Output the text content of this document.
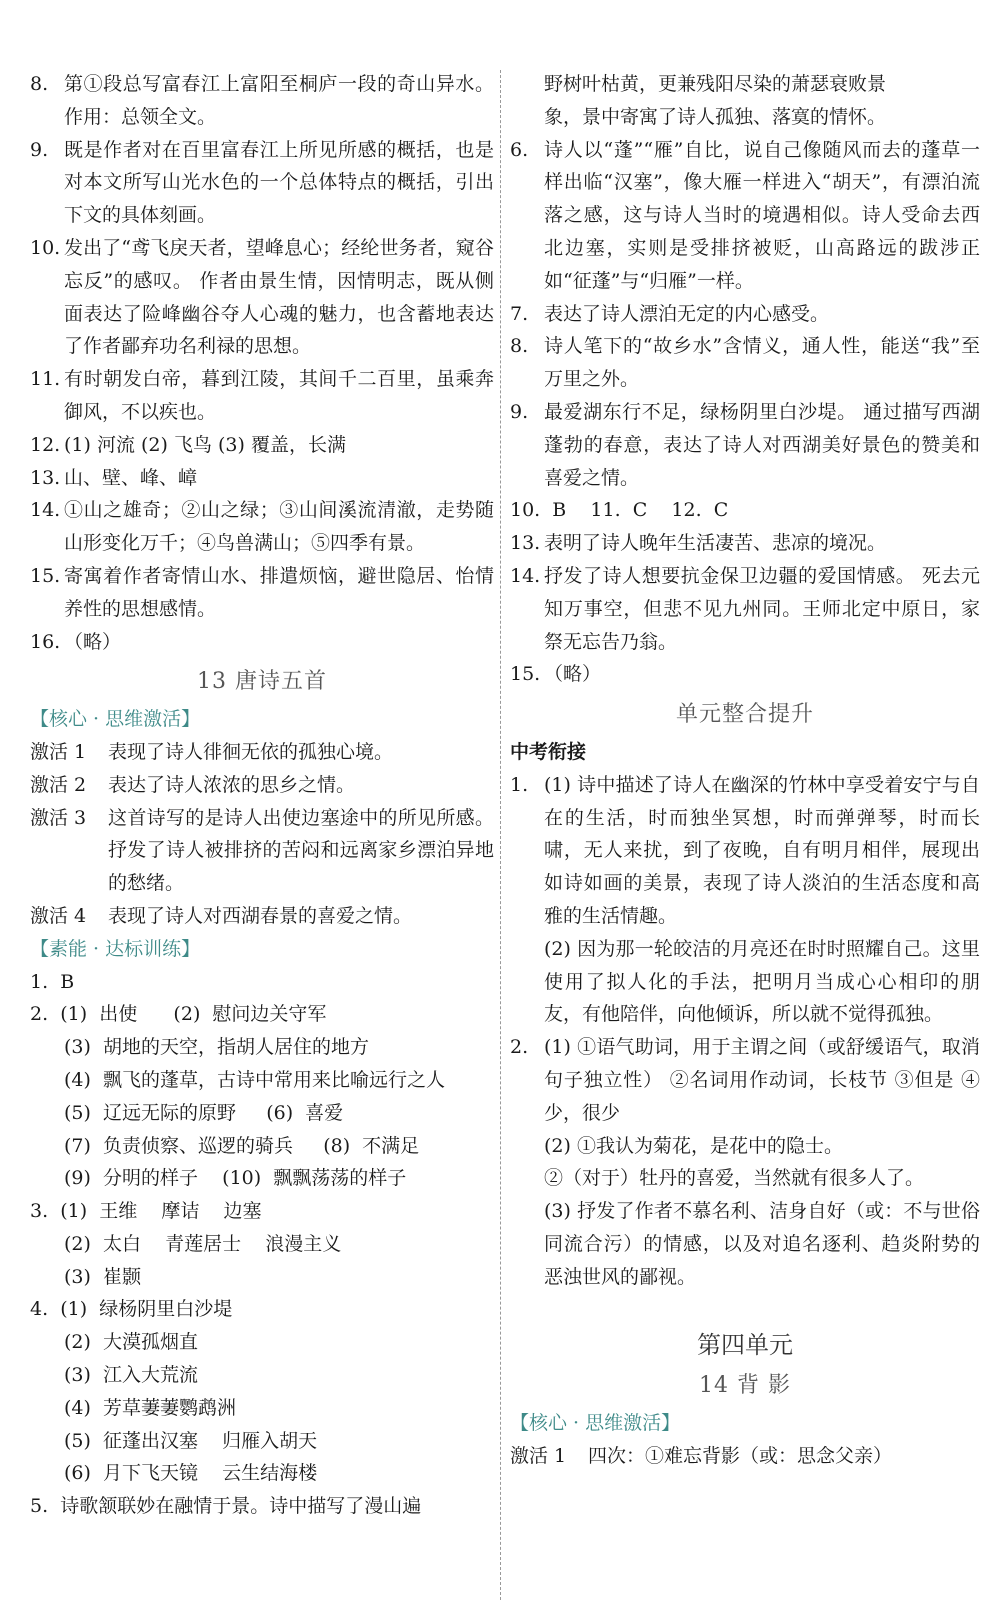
8. 第①段总写富春江上富阳至桐庐一段的奇山异水。 作用：总领全文。
9. 既是作者对在百里富春江上所见所感的概括，也是对本文所写山光水色的一个总体特点的概括，引出下文的具体刻画。
10. 发出了“鸢飞戾天者，望峰息心；经纶世务者，窥谷忘反”的感叹。 作者由景生情，因情明志，既从侧面表达了险峰幽谷夺人心魂的魅力，也含蓄地表达了作者鄙弃功名利禄的思想。
11. 有时朝发白帝，暮到江陵，其间千二百里，虽乘奔御风，不以疾也。
12. (1) 河流 (2) 飞鸟 (3) 覆盖，长满
13. 山、壁、峰、嶂
14. ①山之雄奇；②山之绿；③山间溪流清澈，走势随山形变化万千；④鸟兽满山；⑤四季有景。
15. 寄寓着作者寄情山水、排遣烦恼，避世隐居、怡情养性的思想感情。
16. （略）
13 唐诗五首
【核心 · 思维激活】
激活 1	表现了诗人徘徊无依的孤独心境。
激活 2	表达了诗人浓浓的思乡之情。
激活 3	这首诗写的是诗人出使边塞途中的所见所感。 抒发了诗人被排挤的苦闷和远离家乡漂泊异地的愁绪。
激活 4	表现了诗人对西湖春景的喜爱之情。
【素能 · 达标训练】
1.  B
2.  (1)  出使      (2)  慰问边关守军
(3)  胡地的天空，指胡人居住的地方
(4)  飘飞的蓬草，古诗中常用来比喻远行之人
(5)  辽远无际的原野     (6)  喜爱
(7)  负责侦察、巡逻的骑兵     (8)  不满足
(9)  分明的样子    (10)  飘飘荡荡的样子
3.  (1)  王维    摩诘    边塞
(2)  太白    青莲居士    浪漫主义
(3)  崔颢
4.  (1)  绿杨阴里白沙堤
(2)  大漠孤烟直
(3)  江入大荒流
(4)  芳草萋萋鹦鹉洲
(5)  征蓬出汉塞    归雁入胡天
(6)  月下飞天镜    云生结海楼
5.  诗歌颔联妙在融情于景。诗中描写了漫山遍
野树叶枯黄，更兼残阳尽染的萧瑟衰败景
象，景中寄寓了诗人孤独、落寞的情怀。
6. 诗人以“蓬”“雁”自比，说自己像随风而去的蓬草一样出临“汉塞”，像大雁一样进入“胡天”，有漂泊流落之感，这与诗人当时的境遇相似。诗人受命去西北边塞，实则是受排挤被贬，山高路远的跋涉正如“征蓬”与“归雁”一样。
7. 表达了诗人漂泊无定的内心感受。
8. 诗人笔下的“故乡水”含情义，通人性，能送“我”至万里之外。
9. 最爱湖东行不足，绿杨阴里白沙堤。 通过描写西湖蓬勃的春意，表达了诗人对西湖美好景色的赞美和喜爱之情。
10.  B    11.  C    12.  C
13. 表明了诗人晚年生活凄苦、悲凉的境况。
14. 抒发了诗人想要抗金保卫边疆的爱国情感。 死去元知万事空，但悲不见九州同。王师北定中原日，家祭无忘告乃翁。
15. （略）
单元整合提升
中考衔接
1. (1) 诗中描述了诗人在幽深的竹林中享受着安宁与自在的生活，时而独坐冥想，时而弹弹琴，时而长啸，无人来扰，到了夜晚，自有明月相伴，展现出如诗如画的美景，表现了诗人淡泊的生活态度和高雅的生活情趣。
(2) 因为那一轮皎洁的月亮还在时时照耀自己。这里使用了拟人化的手法，把明月当成心心相印的朋友，有他陪伴，向他倾诉，所以就不觉得孤独。
2. (1) ①语气助词，用于主谓之间（或舒缓语气，取消句子独立性） ②名词用作动词，长枝节 ③但是 ④少，很少
(2) ①我认为菊花，是花中的隐士。
②（对于）牡丹的喜爱，当然就有很多人了。
(3) 抒发了作者不慕名利、洁身自好（或：不与世俗同流合污）的情感，以及对追名逐利、趋炎附势的恶浊世风的鄙视。
第四单元
14 背 影
【核心 · 思维激活】
激活 1	四次：①难忘背影（或：思念父亲）
